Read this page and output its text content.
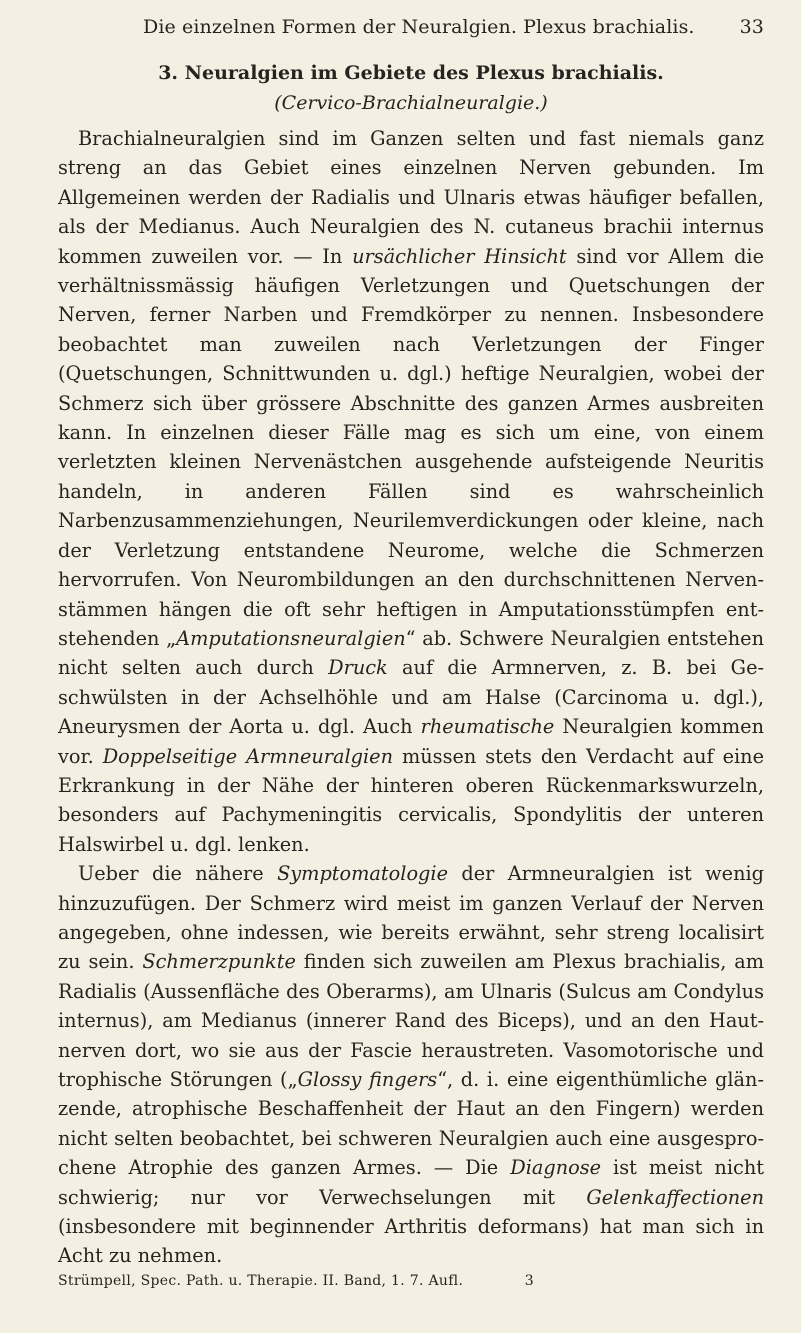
Die einzelnen Formen der Neuralgien. Plexus brachialis.	33
3. Neuralgien im Gebiete des Plexus brachialis.
(Cervico-Brachialneuralgie.)

Brachialneuralgien sind im Ganzen selten und fast niemals ganz streng an das Gebiet eines einzelnen Nerven gebunden. Im Allgemeinen werden der Radialis und Ulnaris etwas häufiger befallen, als der Medianus. Auch Neuralgien des N. cutaneus brachii internus kommen zuweilen vor. — In ursächlicher Hinsicht sind vor Allem die verhältnissmässig häufigen Verletzungen und Quetschungen der Nerven, ferner Narben und Fremdkörper zu nennen. Insbesondere beobachtet man zuweilen nach Verletzungen der Finger (Quetschungen, Schnittwunden u. dgl.) heftige Neuralgien, wobei der Schmerz sich über grössere Abschnitte des ganzen Armes ausbreiten kann. In einzelnen dieser Fälle mag es sich um eine, von einem verletzten kleinen Nervenästchen ausgehende aufsteigende Neuritis handeln, in anderen Fällen sind es wahrscheinlich Narbenzusammenziehungen, Neurilemverdickungen oder kleine, nach der Verletzung entstandene Neurome, welche die Schmerzen hervorrufen. Von Neurombildungen an den durchschnittenen Nervenstämmen hängen die oft sehr heftigen in Amputationsstümpfen entstehenden „Amputationsneuralgien“ ab. Schwere Neuralgien entstehen nicht selten auch durch Druck auf die Armnerven, z. B. bei Geschwülsten in der Achselhöhle und am Halse (Carcinoma u. dgl.), Aneurysmen der Aorta u. dgl. Auch rheumatische Neuralgien kommen vor. Doppelseitige Armneuralgien müssen stets den Verdacht auf eine Erkrankung in der Nähe der hinteren oberen Rückenmarkswurzeln, besonders auf Pachymeningitis cervicalis, Spondylitis der unteren Halswirbel u. dgl. lenken.

Ueber die nähere Symptomatologie der Armneuralgien ist wenig hinzuzufügen. Der Schmerz wird meist im ganzen Verlauf der Nerven angegeben, ohne indessen, wie bereits erwähnt, sehr streng localisirt zu sein. Schmerzpunkte finden sich zuweilen am Plexus brachialis, am Radialis (Aussenfläche des Oberarms), am Ulnaris (Sulcus am Condylus internus), am Medianus (innerer Rand des Biceps), und an den Hautnerven dort, wo sie aus der Fascie heraustreten. Vasomotorische und trophische Störungen („Glossy fingers“, d. i. eine eigenthümliche glänzende, atrophische Beschaffenheit der Haut an den Fingern) werden nicht selten beobachtet, bei schweren Neuralgien auch eine ausgesprochene Atrophie des ganzen Armes. — Die Diagnose ist meist nicht schwierig; nur vor Verwechselungen mit Gelenkaffectionen (insbesondere mit beginnender Arthritis deformans) hat man sich in Acht zu nehmen.

Strümpell, Spec. Path. u. Therapie. II. Band, 1. 7. Aufl.	3
